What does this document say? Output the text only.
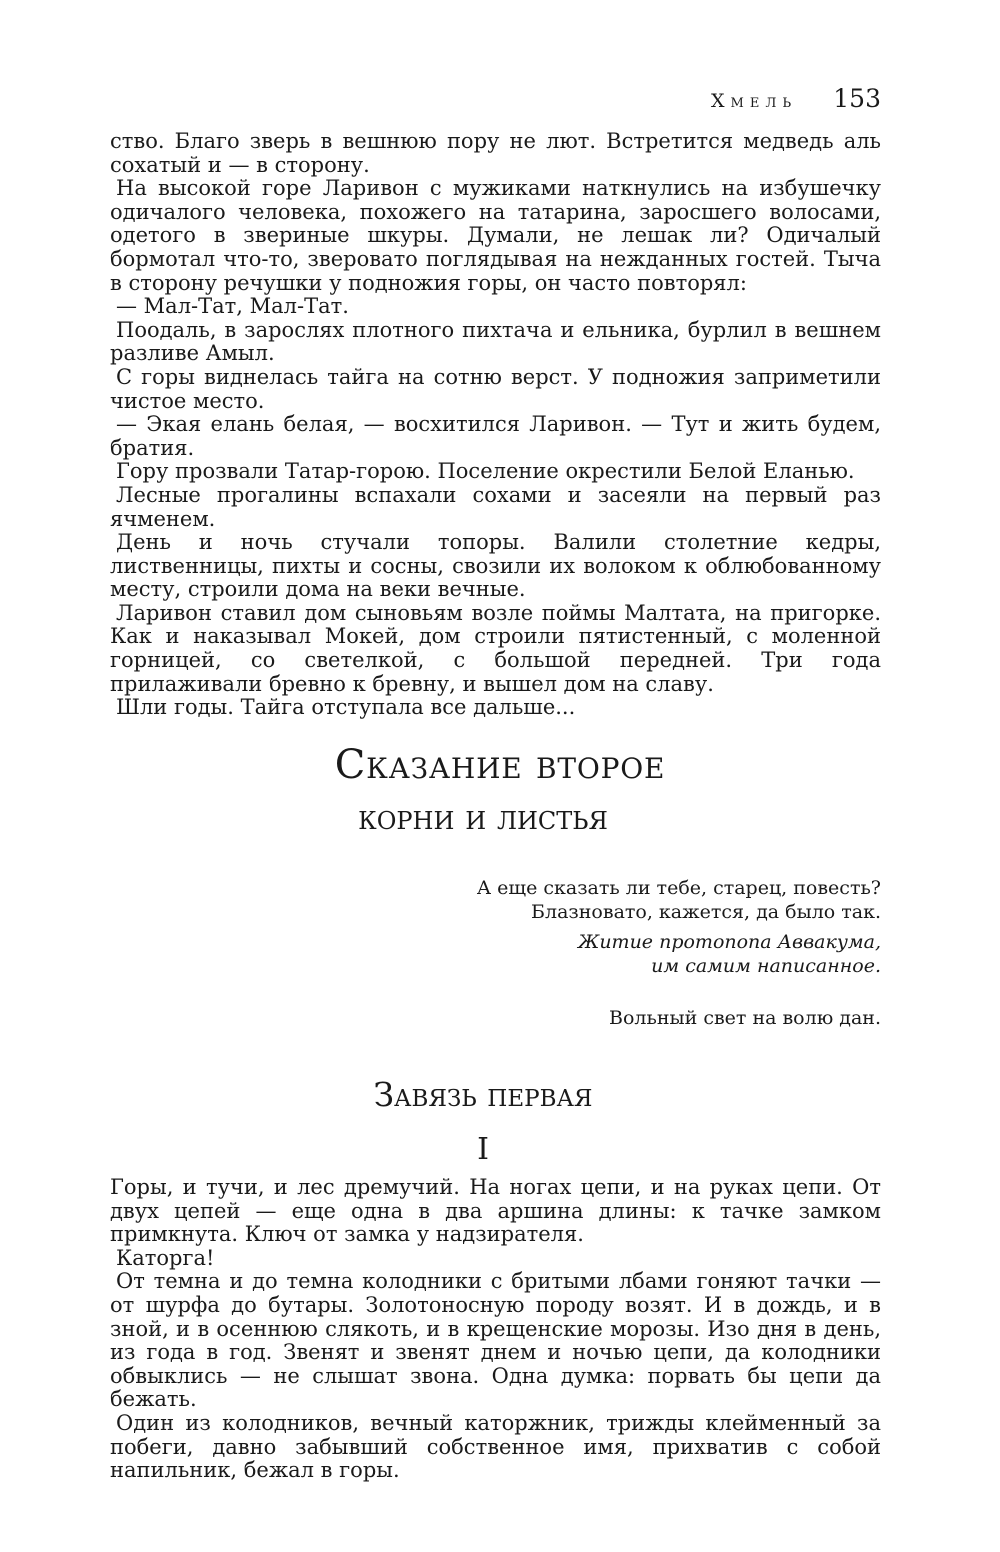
Хмель 153

ство. Благо зверь в вешнюю пору не лют. Встретится медведь аль сохатый и — в сторону.

На высокой горе Ларивон с мужиками наткнулись на избушечку одичалого человека, похожего на татарина, заросшего волосами, одетого в звериные шкуры. Думали, не лешак ли? Одичалый бормотал что-то, зверовато поглядывая на нежданных гостей. Тыча в сторону речушки у подножия горы, он часто повторял:

— Мал-Тат, Мал-Тат.

Поодаль, в зарослях плотного пихтача и ельника, бурлил в вешнем разливе Амыл.

С горы виднелась тайга на сотню верст. У подножия заприметили чистое место.

— Экая елань белая, — восхитился Ларивон. — Тут и жить будем, братия.

Гору прозвали Татар-горою. Поселение окрестили Белой Еланью.

Лесные прогалины вспахали сохами и засеяли на первый раз ячменем.

День и ночь стучали топоры. Валили столетние кедры, лиственницы, пихты и сосны, свозили их волоком к облюбованному месту, строили дома на веки вечные.

Ларивон ставил дом сыновьям возле поймы Малтата, на пригорке. Как и наказывал Мокей, дом строили пятистенный, с моленной горницей, со светелкой, с большой передней. Три года прилаживали бревно к бревну, и вышел дом на славу.

Шли годы. Тайга отступала все дальше...

Сказание второе
корни и листья
А еще сказать ли тебе, старец, повесть?
Блазновато, кажется, да было так.
Житие протопопа Аввакума,
им самим написанное.
Вольный свет на волю дан.
Завязь первая
I

Горы, и тучи, и лес дремучий. На ногах цепи, и на руках цепи. От двух цепей — еще одна в два аршина длины: к тачке замком примкнута. Ключ от замка у надзирателя.

Каторга!

От темна и до темна колодники с бритыми лбами гоняют тачки — от шурфа до бутары. Золотоносную породу возят. И в дождь, и в зной, и в осеннюю слякоть, и в крещенские морозы. Изо дня в день, из года в год. Звенят и звенят днем и ночью цепи, да колодники обвыклись — не слышат звона. Одна думка: порвать бы цепи да бежать.

Один из колодников, вечный каторжник, трижды клейменный за побеги, давно забывший собственное имя, прихватив с собой напильник, бежал в горы.
